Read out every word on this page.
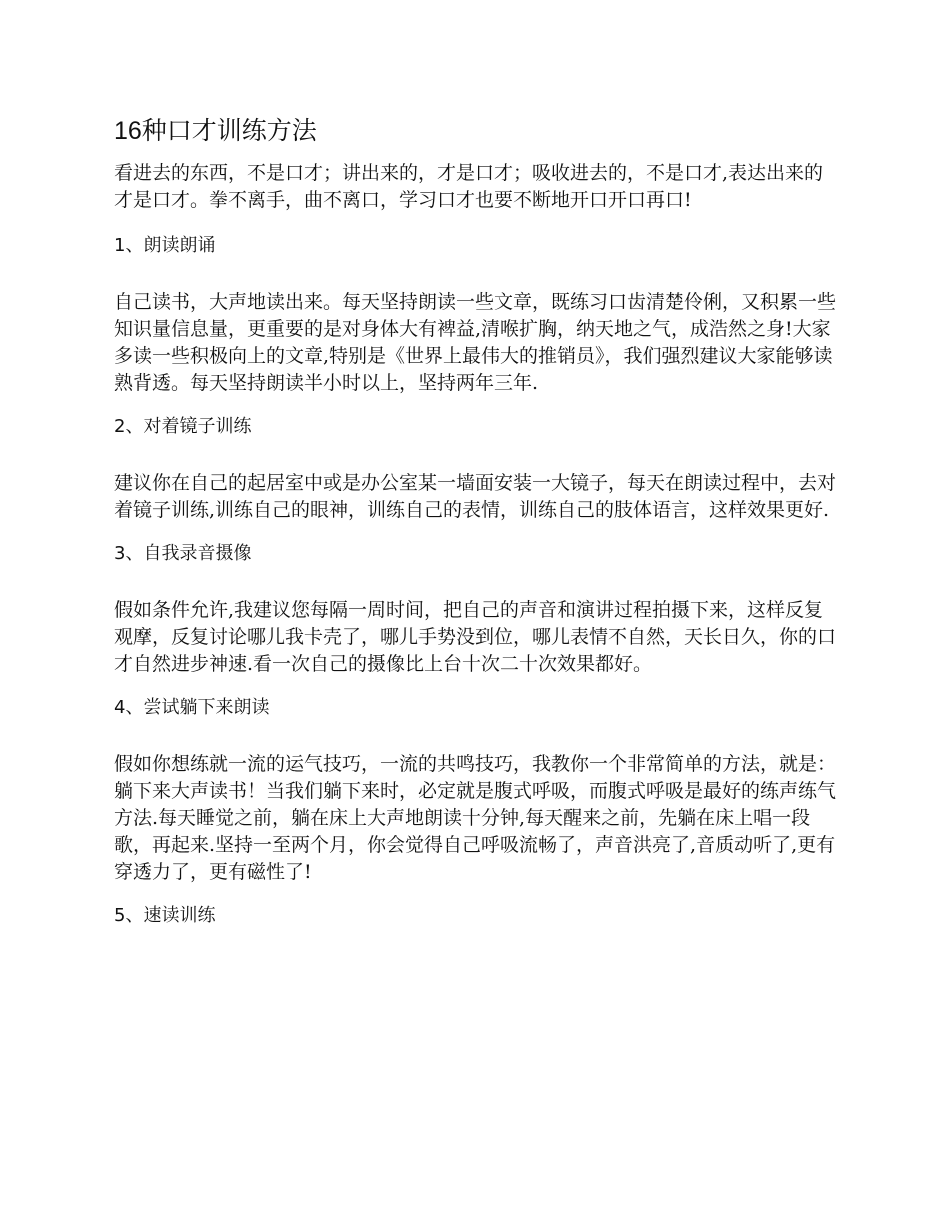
16种口才训练方法

看进去的东西，不是口才；讲出来的，才是口才；吸收进去的，不是口才,表达出来的才是口才。拳不离手，曲不离口，学习口才也要不断地开口开口再口!

1、朗读朗诵

自己读书，大声地读出来。每天坚持朗读一些文章，既练习口齿清楚伶俐，又积累一些知识量信息量，更重要的是对身体大有裨益,清喉扩胸，纳天地之气，成浩然之身!大家多读一些积极向上的文章,特别是《世界上最伟大的推销员》，我们强烈建议大家能够读熟背透。每天坚持朗读半小时以上，坚持两年三年.

2、对着镜子训练

建议你在自己的起居室中或是办公室某一墙面安装一大镜子，每天在朗读过程中，去对着镜子训练,训练自己的眼神，训练自己的表情，训练自己的肢体语言，这样效果更好.

3、自我录音摄像

假如条件允许,我建议您每隔一周时间，把自己的声音和演讲过程拍摄下来，这样反复观摩，反复讨论哪儿我卡壳了，哪儿手势没到位，哪儿表情不自然，天长日久，你的口才自然进步神速.看一次自己的摄像比上台十次二十次效果都好。

4、尝试躺下来朗读

假如你想练就一流的运气技巧，一流的共鸣技巧，我教你一个非常简单的方法，就是：躺下来大声读书！当我们躺下来时，必定就是腹式呼吸，而腹式呼吸是最好的练声练气方法.每天睡觉之前，躺在床上大声地朗读十分钟,每天醒来之前，先躺在床上唱一段歌，再起来.坚持一至两个月，你会觉得自己呼吸流畅了，声音洪亮了,音质动听了,更有穿透力了，更有磁性了!

5、速读训练
